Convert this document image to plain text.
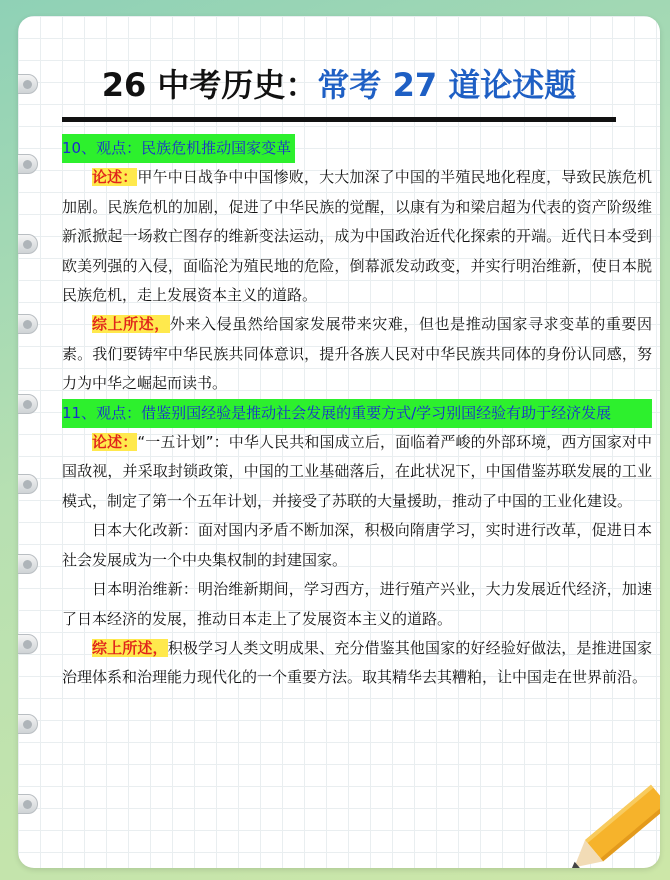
26 中考历史：常考 27 道论述题
10、观点：民族危机推动国家变革

论述：甲午中日战争中中国惨败，大大加深了中国的半殖民地化程度，导致民族危机加剧。民族危机的加剧，促进了中华民族的觉醒，以康有为和梁启超为代表的资产阶级维新派掀起一场救亡图存的维新变法运动，成为中国政治近代化探索的开端。近代日本受到欧美列强的入侵，面临沦为殖民地的危险，倒幕派发动政变，并实行明治维新，使日本脱民族危机，走上发展资本主义的道路。

综上所述，外来入侵虽然给国家发展带来灾难，但也是推动国家寻求变革的重要因素。我们要铸牢中华民族共同体意识，提升各族人民对中华民族共同体的身份认同感，努力为中华之崛起而读书。

11、观点：借鉴别国经验是推动社会发展的重要方式/学习别国经验有助于经济发展

论述：“一五计划”：中华人民共和国成立后，面临着严峻的外部环境，西方国家对中国敌视，并采取封锁政策，中国的工业基础落后，在此状况下，中国借鉴苏联发展的工业模式，制定了第一个五年计划，并接受了苏联的大量援助，推动了中国的工业化建设。

日本大化改新：面对国内矛盾不断加深，积极向隋唐学习，实时进行改革，促进日本社会发展成为一个中央集权制的封建国家。

日本明治维新：明治维新期间，学习西方，进行殖产兴业，大力发展近代经济，加速了日本经济的发展，推动日本走上了发展资本主义的道路。

综上所述，积极学习人类文明成果、充分借鉴其他国家的好经验好做法，是推进国家治理体系和治理能力现代化的一个重要方法。取其精华去其糟粕，让中国走在世界前沿。
